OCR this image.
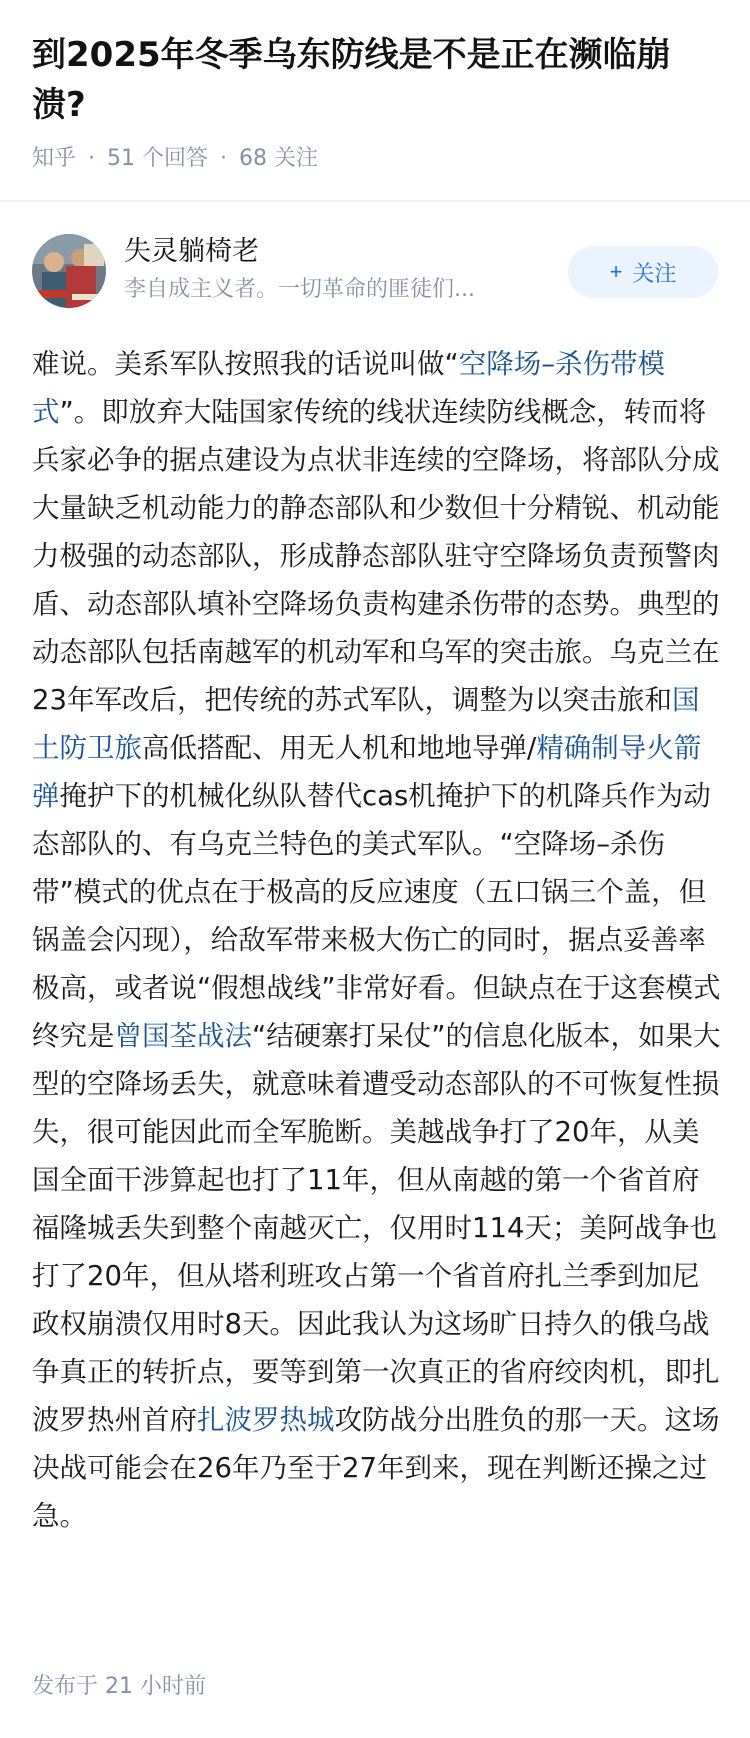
到2025年冬季乌东防线是不是正在濒临崩溃?
知乎 · 51 个回答 · 68 关注
失灵躺椅老
李自成主义者。一切革命的匪徒们...
+ 关注

难说。美系军队按照我的话说叫做“空降场–杀伤带模式”。即放弃大陆国家传统的线状连续防线概念，转而将兵家必争的据点建设为点状非连续的空降场，将部队分成大量缺乏机动能力的静态部队和少数但十分精锐、机动能力极强的动态部队，形成静态部队驻守空降场负责预警肉盾、动态部队填补空降场负责构建杀伤带的态势。典型的动态部队包括南越军的机动军和乌军的突击旅。乌克兰在23年军改后，把传统的苏式军队，调整为以突击旅和国土防卫旅高低搭配、用无人机和地地导弹/精确制导火箭弹掩护下的机械化纵队替代cas机掩护下的机降兵作为动态部队的、有乌克兰特色的美式军队。“空降场–杀伤带”模式的优点在于极高的反应速度（五口锅三个盖，但锅盖会闪现），给敌军带来极大伤亡的同时，据点妥善率极高，或者说“假想战线”非常好看。但缺点在于这套模式终究是曾国荃战法“结硬寨打呆仗”的信息化版本，如果大型的空降场丢失，就意味着遭受动态部队的不可恢复性损失，很可能因此而全军脆断。美越战争打了20年，从美国全面干涉算起也打了11年，但从南越的第一个省首府福隆城丢失到整个南越灭亡，仅用时114天；美阿战争也打了20年，但从塔利班攻占第一个省首府扎兰季到加尼政权崩溃仅用时8天。因此我认为这场旷日持久的俄乌战争真正的转折点，要等到第一次真正的省府绞肉机，即扎波罗热州首府扎波罗热城攻防战分出胜负的那一天。这场决战可能会在26年乃至于27年到来，现在判断还操之过急。

发布于 21 小时前
